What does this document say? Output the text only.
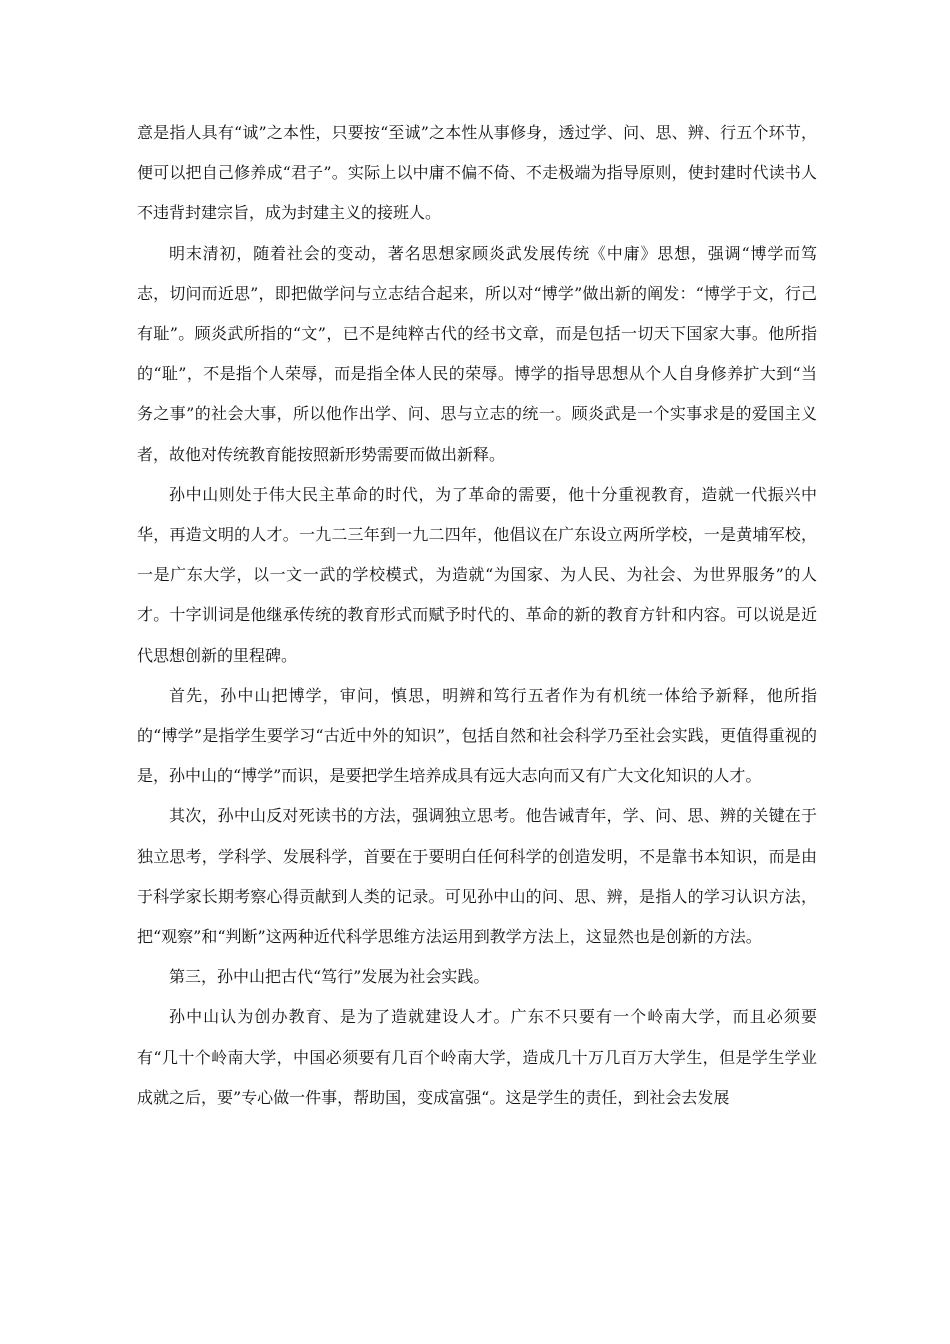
意是指人具有“诚”之本性，只要按“至诚”之本性从事修身，透过学、问、思、辨、行五个环节，便可以把自己修养成“君子”。实际上以中庸不偏不倚、不走极端为指导原则，使封建时代读书人不违背封建宗旨，成为封建主义的接班人。

明末清初，随着社会的变动，著名思想家顾炎武发展传统《中庸》思想，强调“博学而笃志，切问而近思”，即把做学问与立志结合起来，所以对“博学”做出新的阐发：“博学于文，行己有耻”。顾炎武所指的“文”，已不是纯粹古代的经书文章，而是包括一切天下国家大事。他所指的“耻”，不是指个人荣辱，而是指全体人民的荣辱。博学的指导思想从个人自身修养扩大到“当务之事”的社会大事，所以他作出学、问、思与立志的统一。顾炎武是一个实事求是的爱国主义者，故他对传统教育能按照新形势需要而做出新释。

孙中山则处于伟大民主革命的时代，为了革命的需要，他十分重视教育，造就一代振兴中华，再造文明的人才。一九二三年到一九二四年，他倡议在广东设立两所学校，一是黄埔军校，一是广东大学，以一文一武的学校模式，为造就“为国家、为人民、为社会、为世界服务”的人才。十字训词是他继承传统的教育形式而赋予时代的、革命的新的教育方针和内容。可以说是近代思想创新的里程碑。

首先，孙中山把博学，审问，慎思，明辨和笃行五者作为有机统一体给予新释，他所指的“博学”是指学生要学习“古近中外的知识”，包括自然和社会科学乃至社会实践，更值得重视的是，孙中山的“博学”而识，是要把学生培养成具有远大志向而又有广大文化知识的人才。

其次，孙中山反对死读书的方法，强调独立思考。他告诫青年，学、问、思、辨的关键在于独立思考，学科学、发展科学，首要在于要明白任何科学的创造发明，不是靠书本知识，而是由于科学家长期考察心得贡献到人类的记录。可见孙中山的问、思、辨，是指人的学习认识方法，把“观察”和“判断”这两种近代科学思维方法运用到教学方法上，这显然也是创新的方法。

第三，孙中山把古代“笃行”发展为社会实践。

孙中山认为创办教育、是为了造就建设人才。广东不只要有一个岭南大学，而且必须要有“几十个岭南大学，中国必须要有几百个岭南大学，造成几十万几百万大学生，但是学生学业成就之后，要”专心做一件事，帮助国，变成富强“。这是学生的责任，到社会去发展
